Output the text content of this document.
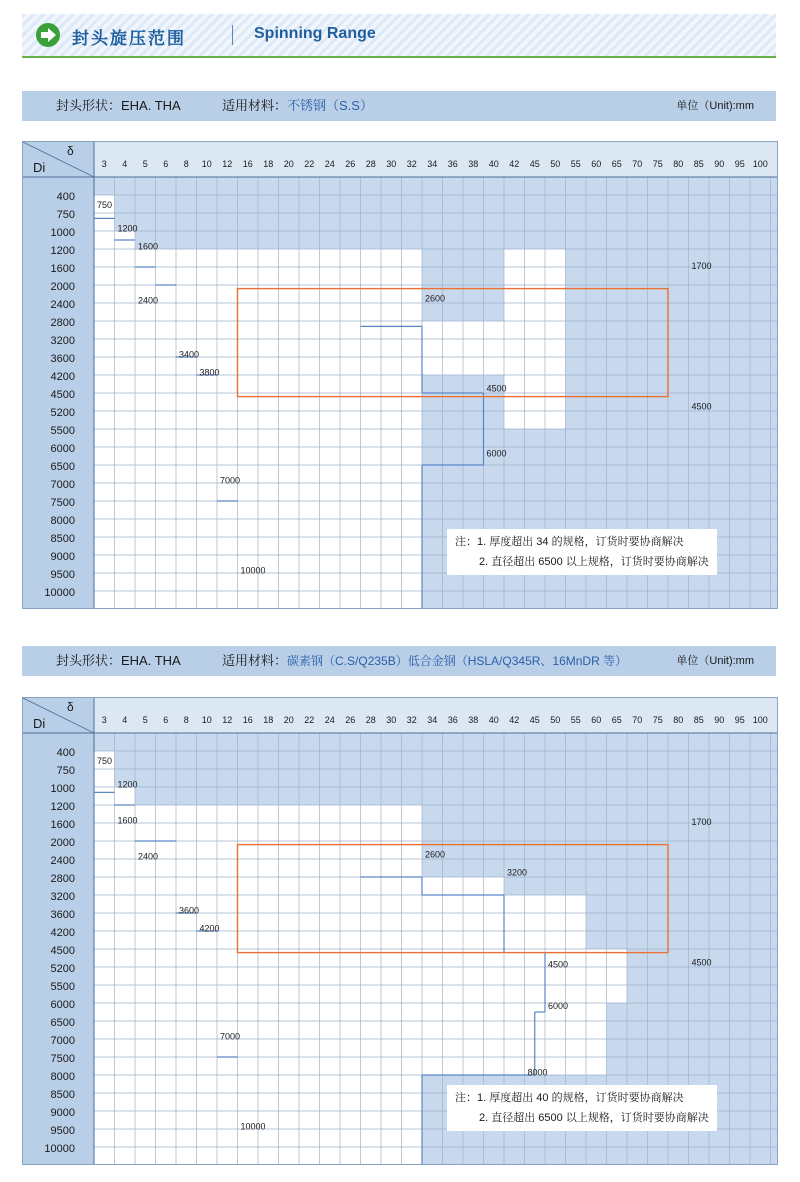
封头旋压范围	Spinning Range
封头形状：EHA. THA	适用材料：不锈钢（S.S）	单位（Unit):mm
Di
δ
3 4 5 6 8 10 12 16 18 20 22 24 26 28 30 32 34 36 38 40 42 45 50 55 60 65 70 75 80 85 90 95 100
400
750
1000
1200
1600
2000
2400
2800
3200
3600
4200
4500
5200
5500
6000
6500
7000
7500
8000
8500
9000
9500
10000
750
1200
1600
2400
3400
3800
7000
10000
2600
4500
6000
1700
4500
注：1. 厚度超出 34 的规格，订货时要协商解决
2. 直径超出 6500 以上规格，订货时要协商解决
封头形状：EHA. THA	适用材料：碳素钢（C.S/Q235B）低合金钢（HSLA/Q345R、16MnDR 等）	单位（Unit):mm
Di
δ
3 4 5 6 8 10 12 16 18 20 22 24 26 28 30 32 34 36 38 40 42 45 50 55 60 65 70 75 80 85 90 95 100
400
750
1000
1200
1600
2000
2400
2800
3200
3600
4200
4500
5200
5500
6000
6500
7000
7500
8000
8500
9000
9500
10000
750
1200
1600
2400
3600
4200
7000
10000
2600
3200
4500
6000
8000
1700
4500
注：1. 厚度超出 40 的规格，订货时要协商解决
2. 直径超出 6500 以上规格，订货时要协商解决
